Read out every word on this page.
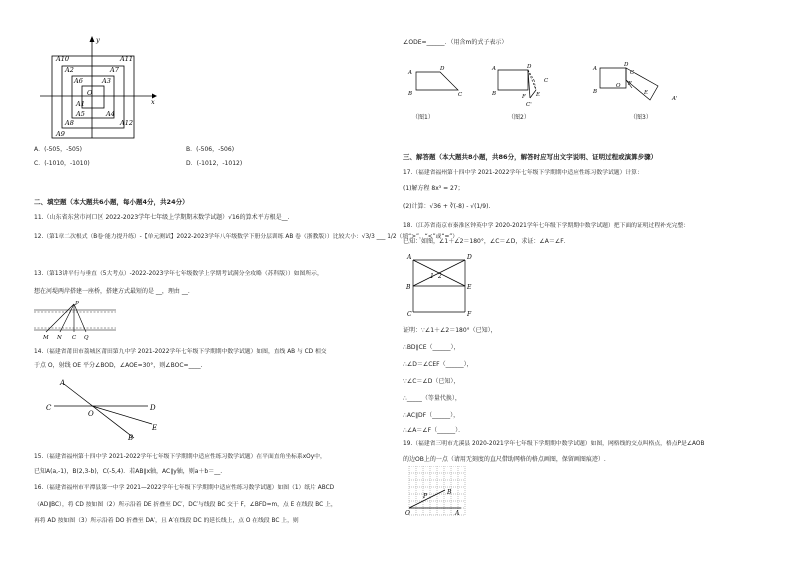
A10	A11
A2	A7
A6	A3
A1
O
A5	A4
A8	A12
A9
x
y
A．(-505，-505)	B．(-506，-506)
C．(-1010，-1010)	D．(-1012，-1012)
二、填空题（本大题共6小题，每小题4分，共24分）
11.（山东省东营市河口区 2022-2023学年七年级上学期期末数学试题）√16的算术平方根是__.
12.（第1章二次根式（B卷·能力提升练）-【单元测试】2022-2023学年八年级数学下册分层训练 AB 卷（浙教版））比较大小：√3/3 ___ 1/2（填“>”，“<”或“=”）.
13.（第13讲平行与垂直（5大考点）-2022-2023学年七年级数学上学期考试满分全攻略（苏科版））如图所示，
想在河堤两岸搭建一座桥，搭建方式最短的是 __，理由 __.
P
M N C Q
14.（福建省莆田市荔城区莆田第九中学 2021-2022学年七年级下学期期中数学试题）如图，直线 AB 与 CD 相交
于点 O，射线 OE 平分∠BOD，∠AOE=30°，则∠BOC=____.
A
C
O
D
E
B
15.（福建省福州第十四中学 2021-2022学年七年级下学期期中适应性练习数学试题）在平面直角坐标系xOy中，
已知A(a,-1)，B(2,3-b)，C(-5,4)．若AB∥x轴，AC∥y轴，则a＋b＝__.
16.（福建省福州市平潭县第一中学 2021—2022学年七年级下学期期中适应性练习数学试题）如图（1）纸片 ABCD
（AD∥BC），将 CD 按如图（2）所示沿着 DE 折叠至 DC′，DC′与线段 BC 交于 F，∠BFD=m，点 E 在线段 BC 上，
再将 AD 按如图（3）所示沿着 DO 折叠至 DA′，且 A′在线段 DC 的延长线上，点 O 在线段 BC 上，则
∠ODE=______．（用含m的式子表示）
A
D
B	C
A	D
C
B	E
F
C'
A
D
C
O F
E
B
A'
（图1）	（图2）	（图3）
三、解答题（本大题共8小题，共86分，解答时应写出文字说明、证明过程或演算步骤）
17.（福建省福州第十四中学 2021-2022学年七年级下学期期中适应性练习数学试题）计算：
(1)解方程 8x³ = 27；
(2)计算：√36 + ∛(-8) - √(1/9).
18.（江苏省南京市秦淮区钟英中学 2020-2021学年七年级下学期期中数学试题）把下面的证明过程补充完整：
已知：如图，∠1＋∠2＝180°，∠C＝∠D，求证：∠A＝∠F．
A	D
1 2
B	E
C	F
证明：∵∠1＋∠2＝180°（已知），
∴BD∥CE（______），
∴∠D＝∠CEF（______），
∵∠C＝∠D（已知），
∴_____（等量代换），
∴AC∥DF（______），
∴∠A＝∠F（______）．
19.（福建省三明市尤溪县 2020-2021学年七年级下学期期中数学试题）如图，网格线的交点叫格点，格点P是∠AOB
的边OB上的一点（请用无刻度的直尺借助网格的格点画图，保留画图痕迹）.
P
B
O	A
